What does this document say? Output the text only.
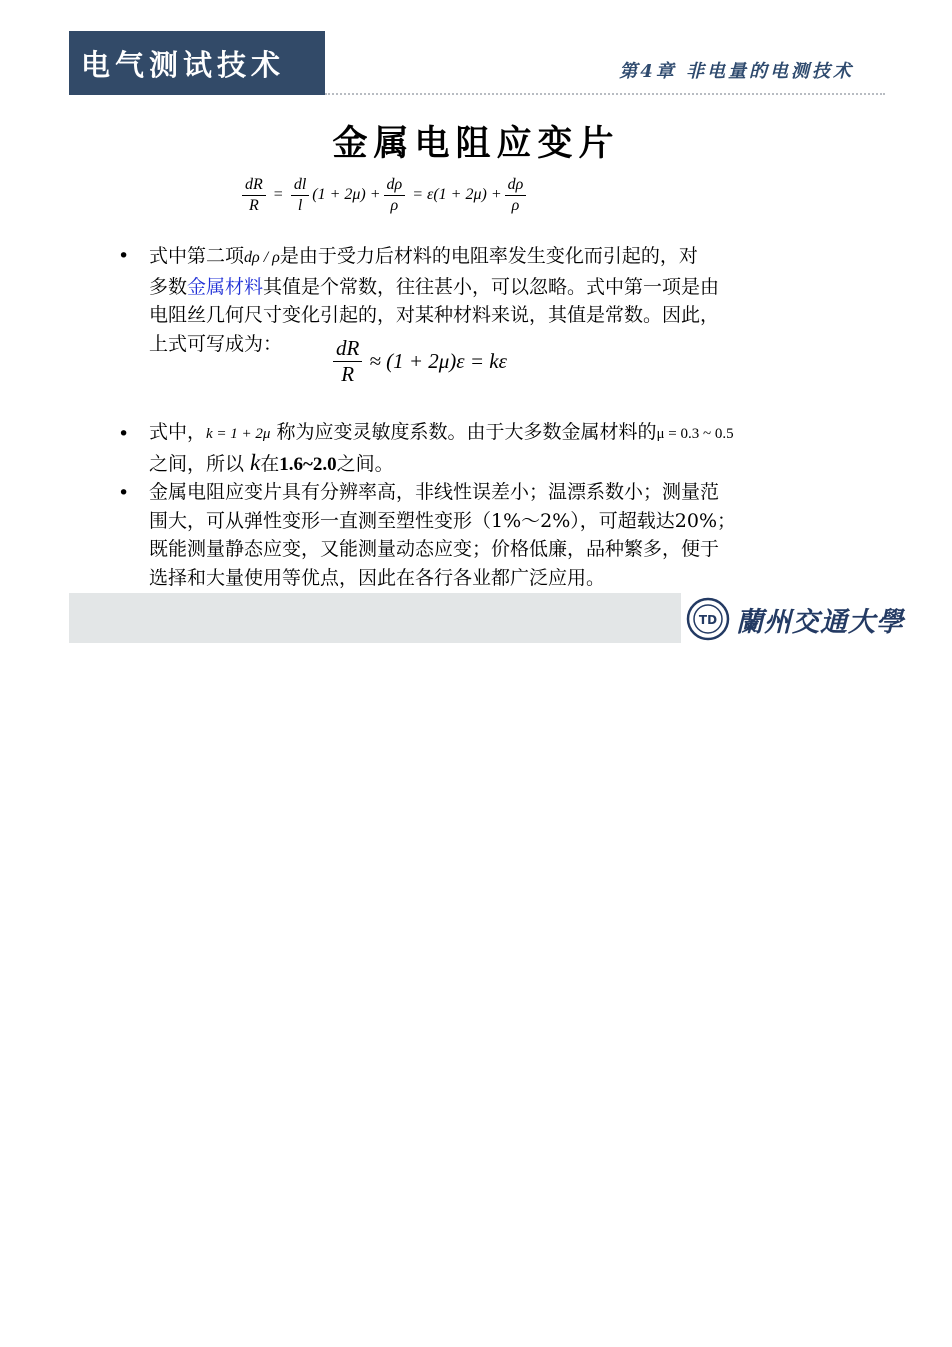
电气测试技术	第4章 非电量的电测技术
金属电阻应变片
$\frac{dR}{R} = \frac{dl}{l} (1 + 2\mu) + \frac{d\rho}{\rho} = \varepsilon(1 + 2\mu) + \frac{d\rho}{\rho}$
• 式中第二项dρ / ρ是由于受力后材料的电阻率发生变化而引起的，对
多数金属材料其值是个常数，往往甚小，可以忽略。式中第一项是由
电阻丝几何尺寸变化引起的，对某种材料来说，其值是常数。因此，
上式可写成为：	$\frac{dR}{R} \approx (1 + 2\mu)\varepsilon = k\varepsilon$
• 式中，k = 1 + 2μ 称为应变灵敏度系数。由于大多数金属材料的μ = 0.3 ~ 0.5
之间，所以 k在1.6~2.0之间。
• 金属电阻应变片具有分辨率高，非线性误差小；温漂系数小；测量范
围大，可从弹性变形一直测至塑性变形（1%～2%），可超载达20%；
既能测量静态应变，又能测量动态应变；价格低廉，品种繁多，便于
选择和大量使用等优点，因此在各行各业都广泛应用。
TD 蘭州交通大學
